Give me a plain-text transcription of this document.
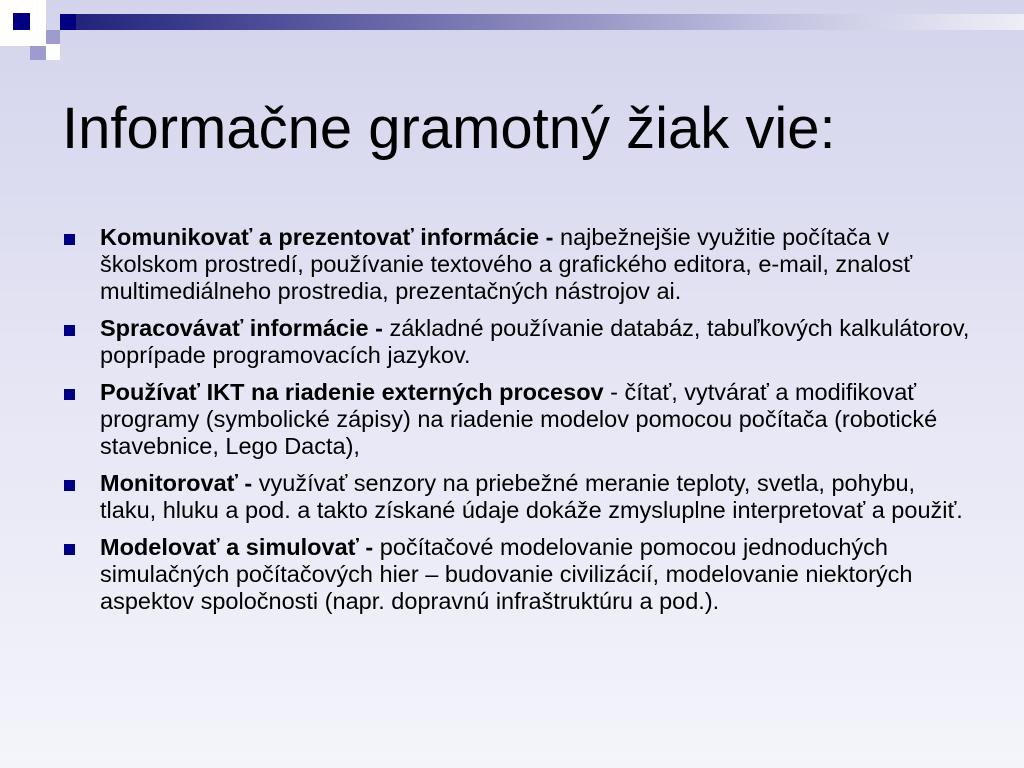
Informačne gramotný žiak vie:
Komunikovať a prezentovať informácie - najbežnejšie využitie počítača v školskom prostredí, používanie textového a grafického editora, e-mail, znalosť multimediálneho prostredia, prezentačných nástrojov ai.
Spracovávať informácie - základné používanie databáz, tabuľkových kalkulátorov, poprípade programovacích jazykov.
Používať IKT na riadenie externých procesov - čítať, vytvárať a modifikovať programy (symbolické zápisy) na riadenie modelov pomocou počítača (robotické stavebnice, Lego Dacta),
Monitorovať - využívať senzory na priebežné meranie teploty, svetla, pohybu, tlaku, hluku a pod. a takto získané údaje dokáže zmysluplne interpretovať a použiť.
Modelovať a simulovať - počítačové modelovanie pomocou jednoduchých simulačných počítačových hier – budovanie civilizácií, modelovanie niektorých aspektov spoločnosti (napr. dopravnú infraštruktúru a pod.).
